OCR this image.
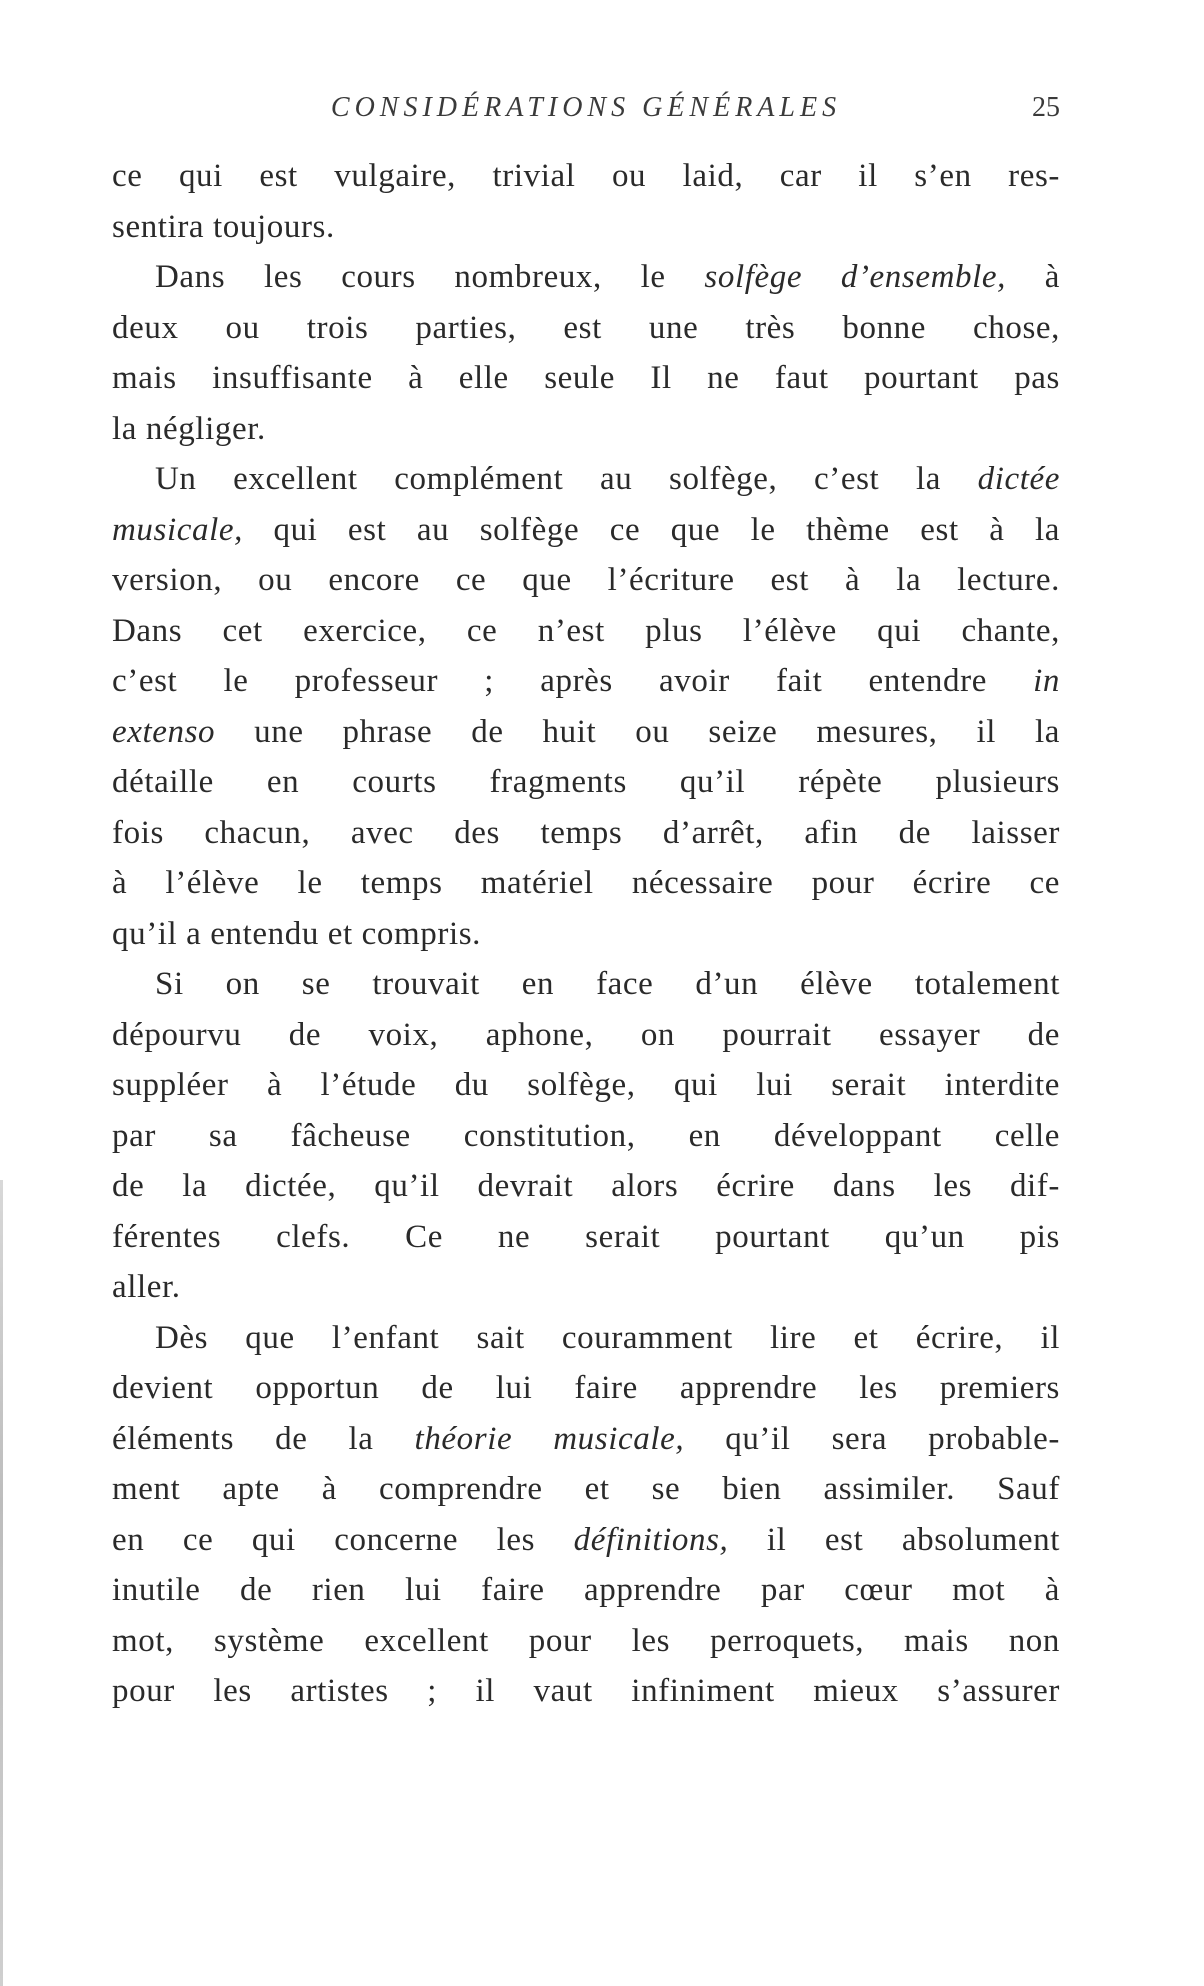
CONSIDÉRATIONS GÉNÉRALES	25
ce qui est vulgaire, trivial ou laid, car il s’en res-
sentira toujours.
Dans les cours nombreux, le solfège d’ensemble, à
deux ou trois parties, est une très bonne chose,
mais insuffisante à elle seule Il ne faut pourtant pas
la négliger.
Un excellent complément au solfège, c’est la dictée
musicale, qui est au solfège ce que le thème est à la
version, ou encore ce que l’écriture est à la lecture.
Dans cet exercice, ce n’est plus l’élève qui chante,
c’est le professeur ; après avoir fait entendre in
extenso une phrase de huit ou seize mesures, il la
détaille en courts fragments qu’il répète plusieurs
fois chacun, avec des temps d’arrêt, afin de laisser
à l’élève le temps matériel nécessaire pour écrire ce
qu’il a entendu et compris.
Si on se trouvait en face d’un élève totalement
dépourvu de voix, aphone, on pourrait essayer de
suppléer à l’étude du solfège, qui lui serait interdite
par sa fâcheuse constitution, en développant celle
de la dictée, qu’il devrait alors écrire dans les dif-
férentes clefs. Ce ne serait pourtant qu’un pis
aller.
Dès que l’enfant sait couramment lire et écrire, il
devient opportun de lui faire apprendre les premiers
éléments de la théorie musicale, qu’il sera probable-
ment apte à comprendre et se bien assimiler. Sauf
en ce qui concerne les définitions, il est absolument
inutile de rien lui faire apprendre par cœur mot à
mot, système excellent pour les perroquets, mais non
pour les artistes ; il vaut infiniment mieux s’assurer
